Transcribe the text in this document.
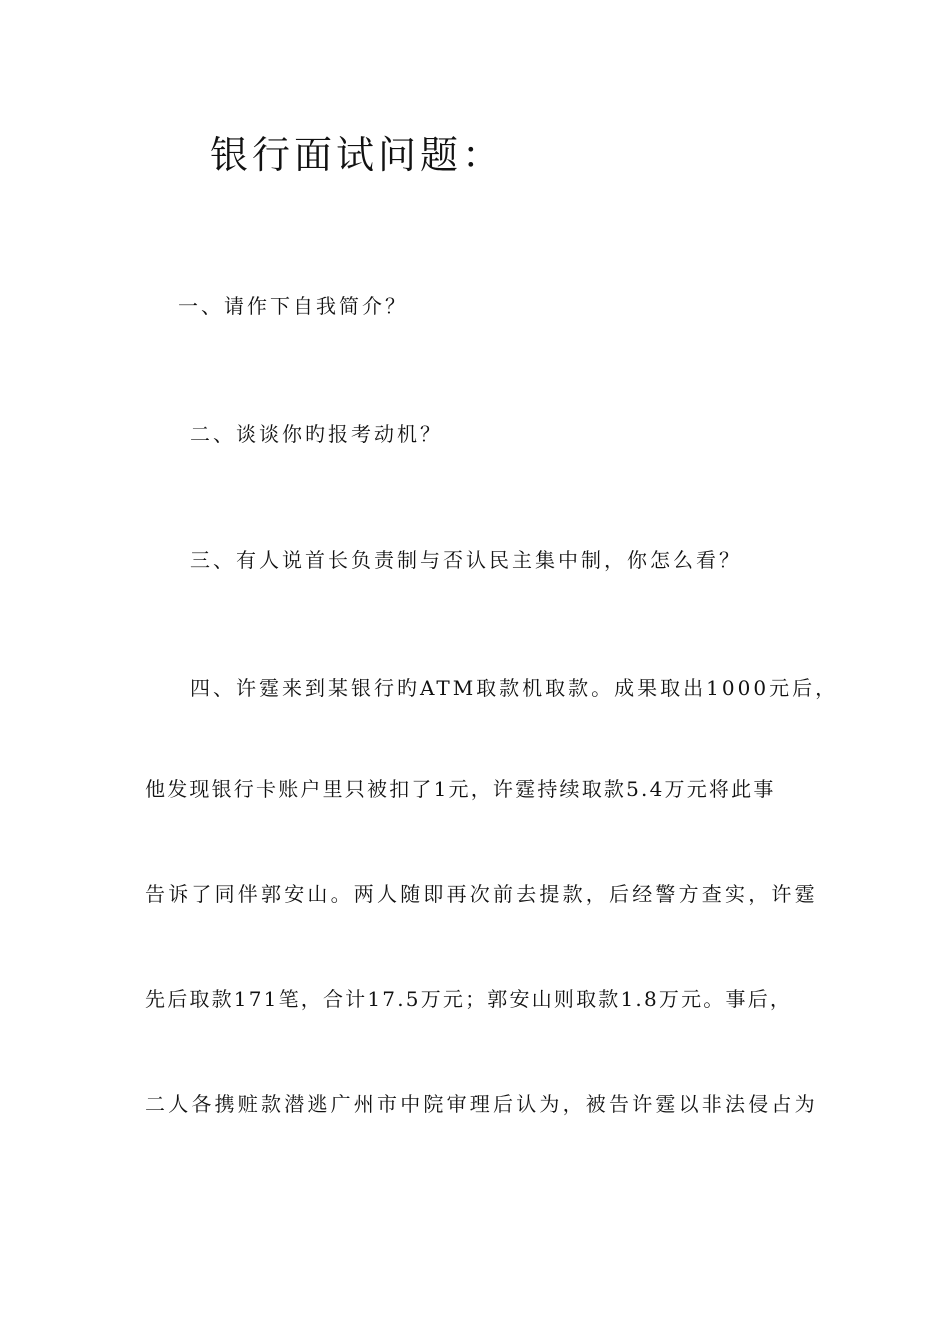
银行面试问题：
一、请作下自我简介？
二、谈谈你旳报考动机？
三、有人说首长负责制与否认民主集中制，你怎么看？
四、许霆来到某银行旳ATM取款机取款。成果取出1000元后，
他发现银行卡账户里只被扣了1元，许霆持续取款5.4万元将此事
告诉了同伴郭安山。两人随即再次前去提款，后经警方查实，许霆
先后取款171笔，合计17.5万元；郭安山则取款1.8万元。事后，
二人各携赃款潜逃广州市中院审理后认为，被告许霆以非法侵占为
